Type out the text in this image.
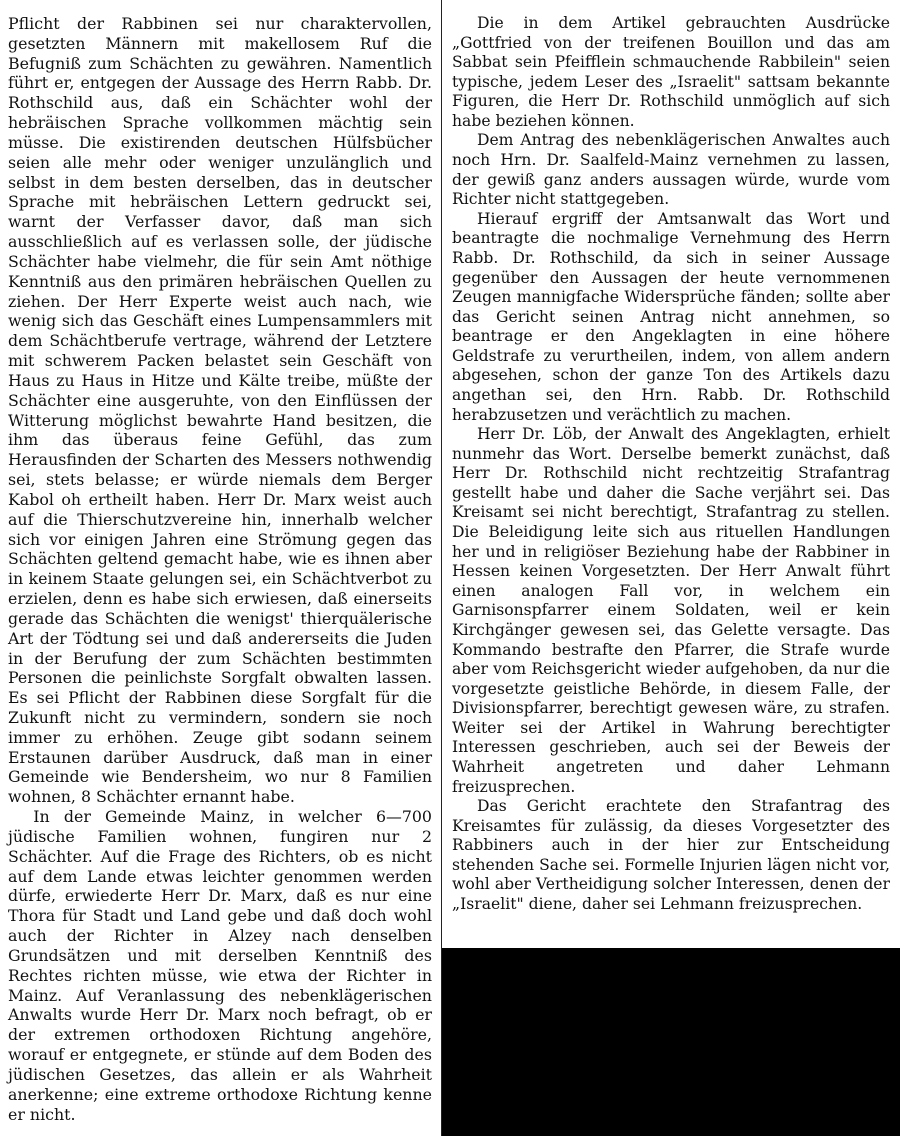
Pflicht der Rabbinen sei nur charaktervollen, gesetzten Männern mit makellosem Ruf die Befugniß zum Schächten zu gewähren. Namentlich führt er, entgegen der Aussage des Herrn Rabb. Dr. Rothschild aus, daß ein Schächter wohl der hebräischen Sprache vollkommen mächtig sein müsse. Die existirenden deutschen Hülfsbücher seien alle mehr oder weniger unzulänglich und selbst in dem besten derselben, das in deutscher Sprache mit hebräischen Lettern gedruckt sei, warnt der Verfasser davor, daß man sich ausschließlich auf es verlassen solle, der jüdische Schächter habe vielmehr, die für sein Amt nöthige Kenntniß aus den primären hebräischen Quellen zu ziehen. Der Herr Experte weist auch nach, wie wenig sich das Geschäft eines Lumpensammlers mit dem Schächtberufe vertrage, während der Letztere mit schwerem Packen belastet sein Geschäft von Haus zu Haus in Hitze und Kälte treibe, müßte der Schächter eine ausgeruhte, von den Einflüssen der Witterung möglichst bewahrte Hand besitzen, die ihm das überaus feine Gefühl, das zum Herausfinden der Scharten des Messers nothwendig sei, stets belasse; er würde niemals dem Berger Kabol oh ertheilt haben. Herr Dr. Marx weist auch auf die Thierschutzvereine hin, innerhalb welcher sich vor einigen Jahren eine Strömung gegen das Schächten geltend gemacht habe, wie es ihnen aber in keinem Staate gelungen sei, ein Schächtverbot zu erzielen, denn es habe sich erwiesen, daß einerseits gerade das Schächten die wenigst' thierquälerische Art der Tödtung sei und daß andererseits die Juden in der Berufung der zum Schächten bestimmten Personen die peinlichste Sorgfalt obwalten lassen. Es sei Pflicht der Rabbinen diese Sorgfalt für die Zukunft nicht zu vermindern, sondern sie noch immer zu erhöhen. Zeuge gibt sodann seinem Erstaunen darüber Ausdruck, daß man in einer Gemeinde wie Bendersheim, wo nur 8 Familien wohnen, 8 Schächter ernannt habe.

In der Gemeinde Mainz, in welcher 6—700 jüdische Familien wohnen, fungiren nur 2 Schächter. Auf die Frage des Richters, ob es nicht auf dem Lande etwas leichter genommen werden dürfe, erwiederte Herr Dr. Marx, daß es nur eine Thora für Stadt und Land gebe und daß doch wohl auch der Richter in Alzey nach denselben Grundsätzen und mit derselben Kenntniß des Rechtes richten müsse, wie etwa der Richter in Mainz. Auf Veranlassung des nebenklägerischen Anwalts wurde Herr Dr. Marx noch befragt, ob er der extremen orthodoxen Richtung angehöre, worauf er entgegnete, er stünde auf dem Boden des jüdischen Gesetzes, das allein er als Wahrheit anerkenne; eine extreme orthodoxe Richtung kenne er nicht.

Die in dem Artikel gebrauchten Ausdrücke „Gottfried von der treifenen Bouillon und das am Sabbat sein Pfeifflein schmauchende Rabbilein" seien typische, jedem Leser des „Israelit" sattsam bekannte Figuren, die Herr Dr. Rothschild unmöglich auf sich habe beziehen können.

Dem Antrag des nebenklägerischen Anwaltes auch noch Hrn. Dr. Saalfeld-Mainz vernehmen zu lassen, der gewiß ganz anders aussagen würde, wurde vom Richter nicht stattgegeben.

Hierauf ergriff der Amtsanwalt das Wort und beantragte die nochmalige Vernehmung des Herrn Rabb. Dr. Rothschild, da sich in seiner Aussage gegenüber den Aussagen der heute vernommenen Zeugen mannigfache Widersprüche fänden; sollte aber das Gericht seinen Antrag nicht annehmen, so beantrage er den Angeklagten in eine höhere Geldstrafe zu verurtheilen, indem, von allem andern abgesehen, schon der ganze Ton des Artikels dazu angethan sei, den Hrn. Rabb. Dr. Rothschild herabzusetzen und verächtlich zu machen.

Herr Dr. Löb, der Anwalt des Angeklagten, erhielt nunmehr das Wort. Derselbe bemerkt zunächst, daß Herr Dr. Rothschild nicht rechtzeitig Strafantrag gestellt habe und daher die Sache verjährt sei. Das Kreisamt sei nicht berechtigt, Strafantrag zu stellen. Die Beleidigung leite sich aus rituellen Handlungen her und in religiöser Beziehung habe der Rabbiner in Hessen keinen Vorgesetzten. Der Herr Anwalt führt einen analogen Fall vor, in welchem ein Garnisonspfarrer einem Soldaten, weil er kein Kirchgänger gewesen sei, das Gelette versagte. Das Kommando bestrafte den Pfarrer, die Strafe wurde aber vom Reichsgericht wieder aufgehoben, da nur die vorgesetzte geistliche Behörde, in diesem Falle, der Divisionspfarrer, berechtigt gewesen wäre, zu strafen. Weiter sei der Artikel in Wahrung berechtigter Interessen geschrieben, auch sei der Beweis der Wahrheit angetreten und daher Lehmann freizusprechen.

Das Gericht erachtete den Strafantrag des Kreisamtes für zulässig, da dieses Vorgesetzter des Rabbiners auch in der hier zur Entscheidung stehenden Sache sei. Formelle Injurien lägen nicht vor, wohl aber Vertheidigung solcher Interessen, denen der „Israelit" diene, daher sei Lehmann freizusprechen.
